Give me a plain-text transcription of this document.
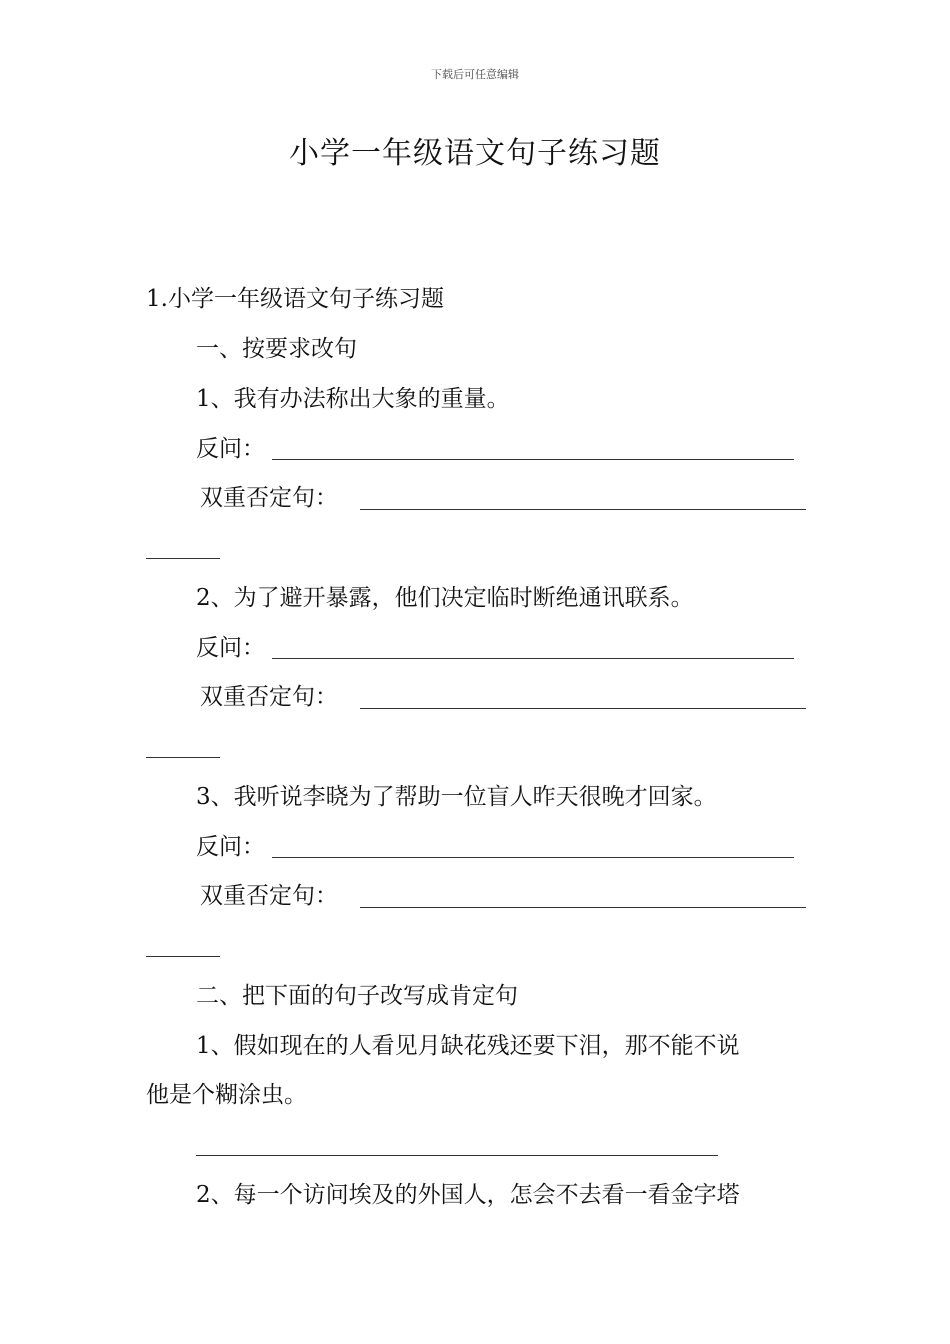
下载后可任意编辑
小学一年级语文句子练习题
1.小学一年级语文句子练习题
一、按要求改句
1、我有办法称出大象的重量。
反问：
双重否定句：
2、为了避开暴露，他们决定临时断绝通讯联系。
反问：
双重否定句：
3、我听说李晓为了帮助一位盲人昨天很晚才回家。
反问：
双重否定句：
二、把下面的句子改写成肯定句
1、假如现在的人看见月缺花残还要下泪，那不能不说
他是个糊涂虫。
2、每一个访问埃及的外国人，怎会不去看一看金字塔
